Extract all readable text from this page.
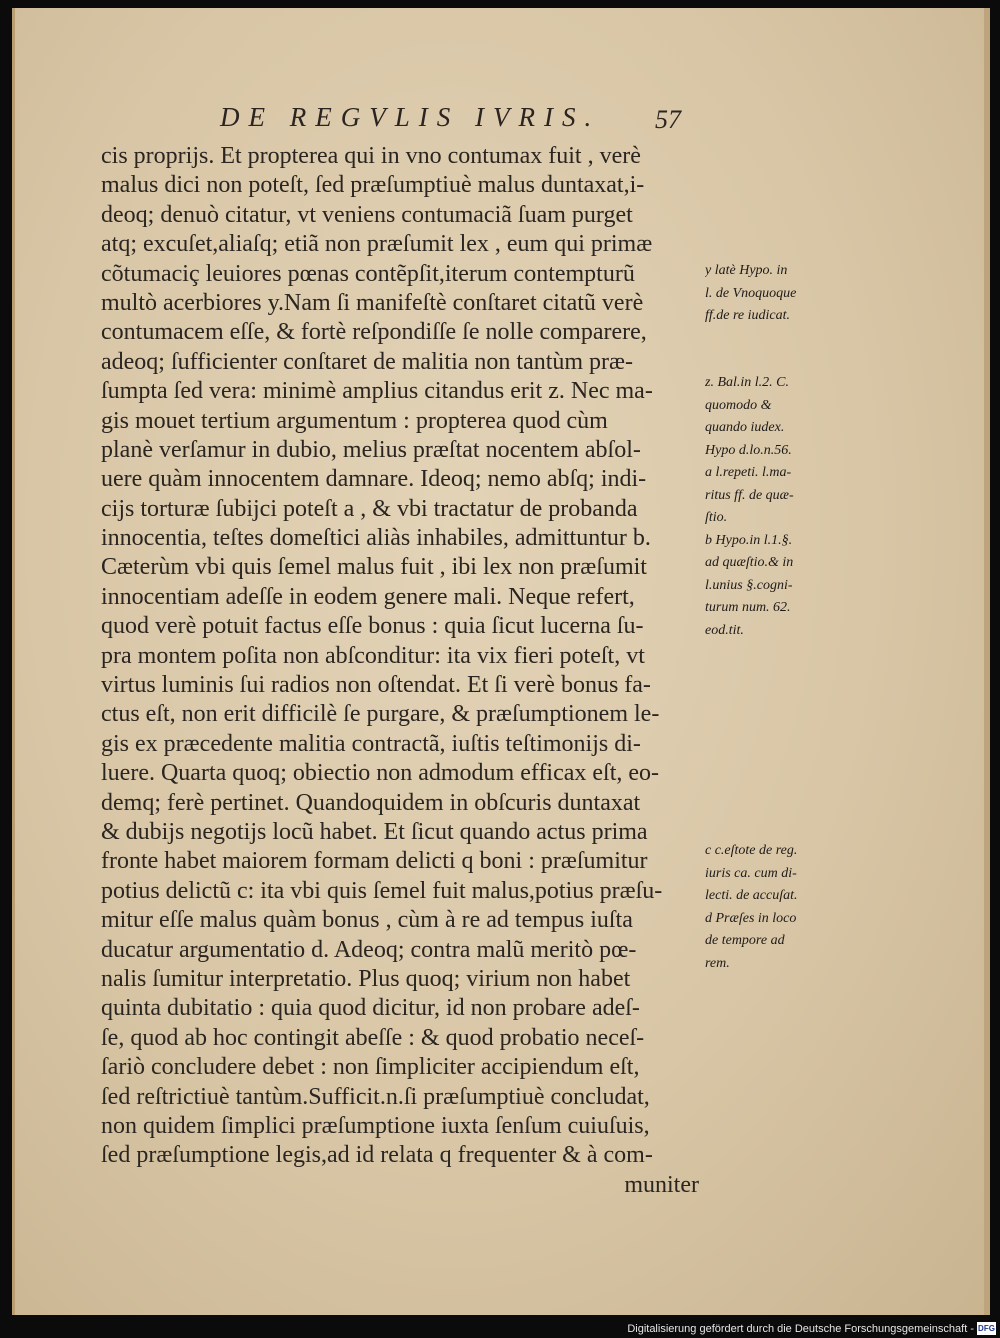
DE REGVLIS IVRIS.	57
cis proprijs. Et propterea qui in vno contumax fuit , verè
malus dici non poteſt, ſed præſumptiuè malus duntaxat,i-
deoq; denuò citatur, vt veniens contumaciã ſuam purget
atq; excuſet,aliaſq; etiã non præſumit lex , eum qui primæ
cõtumaciç leuiores pœnas contẽpſit,iterum contempturũ
multò acerbiores y.Nam ſi manifeſtè conſtaret citatũ verè
contumacem eſſe, & fortè reſpondiſſe ſe nolle comparere,
adeoq; ſufficienter conſtaret de malitia non tantùm præ-
ſumpta ſed vera: minimè amplius citandus erit z. Nec ma-
gis mouet tertium argumentum : propterea quod cùm
planè verſamur in dubio, melius præſtat nocentem abſol-
uere quàm innocentem damnare. Ideoq; nemo abſq; indi-
cijs torturæ ſubijci poteſt a , & vbi tractatur de probanda
innocentia, teſtes domeſtici aliàs inhabiles, admittuntur b.
Cæterùm vbi quis ſemel malus fuit , ibi lex non præſumit
innocentiam adeſſe in eodem genere mali. Neque refert,
quod verè potuit factus eſſe bonus : quia ſicut lucerna ſu-
pra montem poſita non abſconditur: ita vix fieri poteſt, vt
virtus luminis ſui radios non oſtendat. Et ſi verè bonus fa-
ctus eſt, non erit difficilè ſe purgare, & præſumptionem le-
gis ex præcedente malitia contractã, iuſtis teſtimonijs di-
luere. Quarta quoq; obiectio non admodum efficax eſt, eo-
demq; ferè pertinet. Quandoquidem in obſcuris duntaxat
& dubijs negotijs locũ habet. Et ſicut quando actus prima
fronte habet maiorem formam delicti q boni : præſumitur
potius delictũ c: ita vbi quis ſemel fuit malus,potius præſu-
mitur eſſe malus quàm bonus , cùm à re ad tempus iuſta
ducatur argumentatio d. Adeoq; contra malũ meritò pœ-
nalis ſumitur interpretatio. Plus quoq; virium non habet
quinta dubitatio : quia quod dicitur, id non probare adeſ-
ſe, quod ab hoc contingit abeſſe : & quod probatio neceſ-
ſariò concludere debet : non ſimpliciter accipiendum eſt,
ſed reſtrictiuè tantùm.Sufficit.n.ſi præſumptiuè concludat,
non quidem ſimplici præſumptione iuxta ſenſum cuiuſuis,
ſed præſumptione legis,ad id relata q frequenter & à com-
muniter
y latè Hypo. in
l. de Vnoquoque
ff.de re iudicat.
z. Bal.in l.2. C.
quomodo &
quando iudex.
Hypo d.lo.n.56.
a l.repeti. l.ma-
ritus ff. de quæ-
ſtio.
b Hypo.in l.1.§.
ad quæſtio.& in
l.unius §.cogni-
turum num. 62.
eod.tit.
c c.eſtote de reg.
iuris ca. cum di-
lecti. de accuſat.
d Præſes in loco
de tempore ad
rem.
Digitalisierung gefördert durch die Deutsche Forschungsgemeinschaft - DFG
